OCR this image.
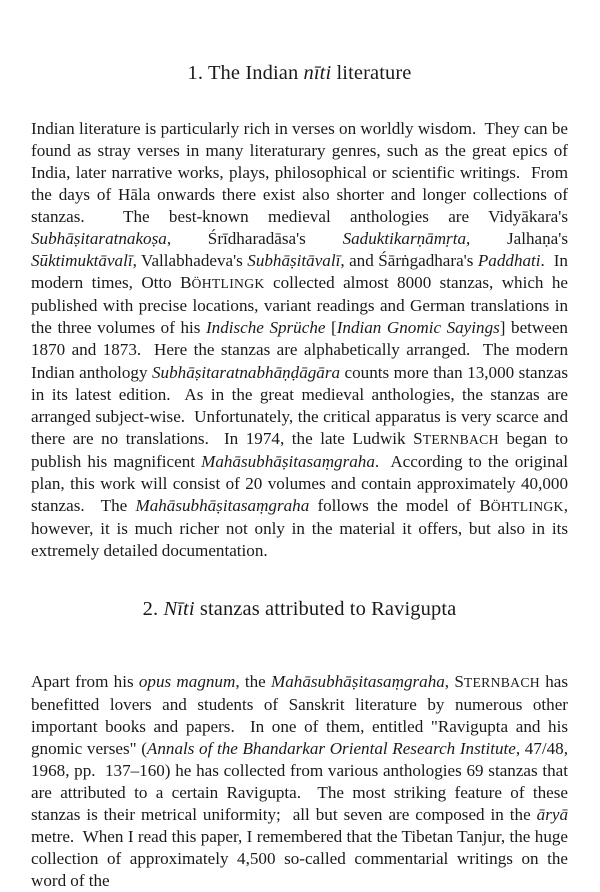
1. The Indian nīti literature

Indian literature is particularly rich in verses on worldly wisdom.  They can be found as stray verses in many literaturary genres, such as the great epics of India, later narrative works, plays, philosophical or scientific writings.  From the days of Hāla onwards there exist also shorter and longer collections of stanzas.  The best-known medieval anthologies are Vidyākara's Subhāṣitaratnakoṣa, Śrīdharadāsa's Saduktikarṇāmṛta, Jalhaṇa's Sūktimuktāvalī, Vallabhadeva's Subhāṣitāvalī, and Śārṅgadhara's Paddhati.  In modern times, Otto BÖHTLINGK collected almost 8000 stanzas, which he published with precise locations, variant readings and German translations in the three volumes of his Indische Sprüche [Indian Gnomic Sayings] between 1870 and 1873.  Here the stanzas are alphabetically arranged.  The modern Indian anthology Subhāṣitaratnabhāṇḍāgāra counts more than 13,000 stanzas in its latest edition.  As in the great medieval anthologies, the stanzas are arranged subject-wise.  Unfortunately, the critical apparatus is very scarce and there are no translations.  In 1974, the late Ludwik STERNBACH began to publish his magnificent Mahāsubhāṣitasaṃgraha.  According to the original plan, this work will consist of 20 volumes and contain approximately 40,000 stanzas.  The Mahāsubhāṣitasaṃgraha follows the model of BÖHTLINGK, however, it is much richer not only in the material it offers, but also in its extremely detailed documentation.

2. Nīti stanzas attributed to Ravigupta

Apart from his opus magnum, the Mahāsubhāṣitasaṃgraha, STERNBACH has benefitted lovers and students of Sanskrit literature by numerous other important books and papers.  In one of them, entitled "Ravigupta and his gnomic verses" (Annals of the Bhandarkar Oriental Research Institute, 47/48, 1968, pp.  137–160) he has collected from various anthologies 69 stanzas that are attributed to a certain Ravigupta.  The most striking feature of these stanzas is their metrical uniformity;  all but seven are composed in the āryā metre.  When I read this paper, I remembered that the Tibetan Tanjur, the huge collection of approximately 4,500 so-called commentarial writings on the word of the
